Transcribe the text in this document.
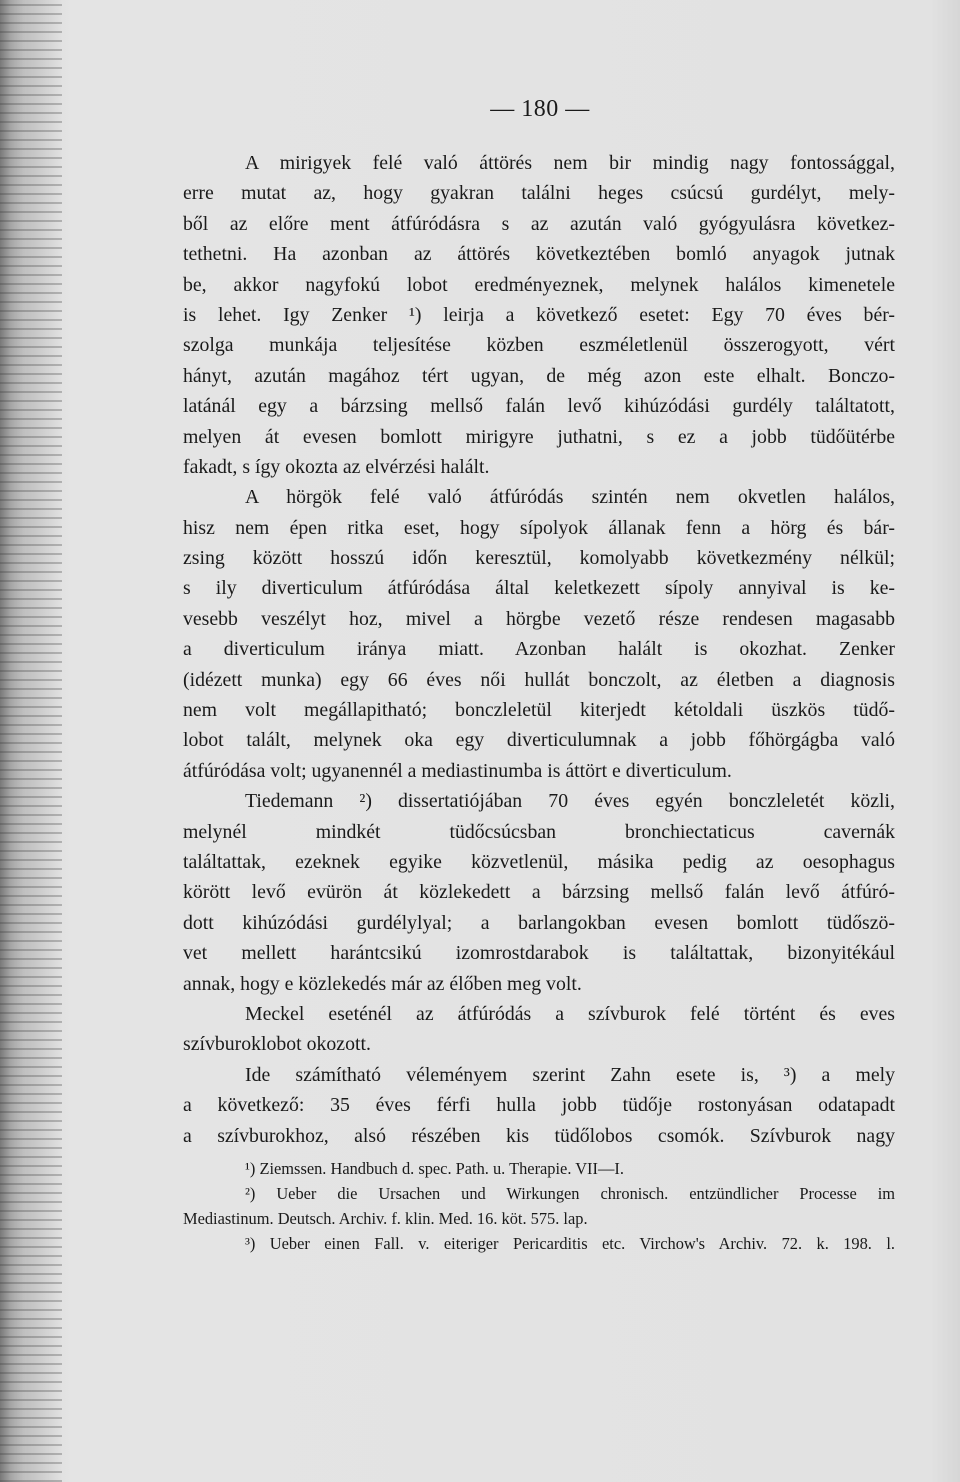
— 180 —
A mirigyek felé való áttörés nem bir mindig nagy fontossággal,
erre mutat az, hogy gyakran találni heges csúcsú gurdélyt, mely-
ből az előre ment átfúródásra s az azután való gyógyulásra következ-
tethetni. Ha azonban az áttörés következtében bomló anyagok jutnak
be, akkor nagyfokú lobot eredményeznek, melynek halálos kimenetele
is lehet. Igy Zenker ¹) leirja a következő esetet: Egy 70 éves bér-
szolga munkája teljesítése közben eszméletlenül összerogyott, vért
hányt, azután magához tért ugyan, de még azon este elhalt. Bonczo-
latánál egy a bárzsing mellső falán levő kihúzódási gurdély találtatott,
melyen át evesen bomlott mirigyre juthatni, s ez a jobb tüdőütérbe
fakadt, s így okozta az elvérzési halált.
A hörgök felé való átfúródás szintén nem okvetlen halálos,
hisz nem épen ritka eset, hogy sípolyok állanak fenn a hörg és bár-
zsing között hosszú időn keresztül, komolyabb következmény nélkül;
s ily diverticulum átfúródása által keletkezett sípoly annyival is ke-
vesebb veszélyt hoz, mivel a hörgbe vezető része rendesen magasabb
a diverticulum iránya miatt. Azonban halált is okozhat. Zenker
(idézett munka) egy 66 éves női hullát bonczolt, az életben a diagnosis
nem volt megállapitható; bonczleletül kiterjedt kétoldali üszkös tüdő-
lobot talált, melynek oka egy diverticulumnak a jobb főhörgágba való
átfúródása volt; ugyanennél a mediastinumba is áttört e diverticulum.
Tiedemann ²) dissertatiójában 70 éves egyén bonczleletét közli,
melynél mindkét tüdőcsúcsban bronchiectaticus cavernák
találtattak, ezeknek egyike közvetlenül, másika pedig az oesophagus
körött levő evürön át közlekedett a bárzsing mellső falán levő átfúró-
dott kihúzódási gurdélylyal; a barlangokban evesen bomlott tüdőszö-
vet mellett harántcsikú izomrostdarabok is találtattak, bizonyitékául
annak, hogy e közlekedés már az élőben meg volt.
Meckel eseténél az átfúródás a szívburok felé történt és eves
szívburoklobot okozott.
Ide számítható véleményem szerint Zahn esete is, ³) a mely
a következő: 35 éves férfi hulla jobb tüdője rostonyásan odatapadt
a szívburokhoz, alsó részében kis tüdőlobos csomók. Szívburok nagy
¹) Ziemssen. Handbuch d. spec. Path. u. Therapie. VII—I.
²) Ueber die Ursachen und Wirkungen chronisch. entzündlicher Processe im
Mediastinum. Deutsch. Archiv. f. klin. Med. 16. köt. 575. lap.
³) Ueber einen Fall. v. eiteriger Pericarditis etc. Virchow's Archiv. 72. k. 198. l.
